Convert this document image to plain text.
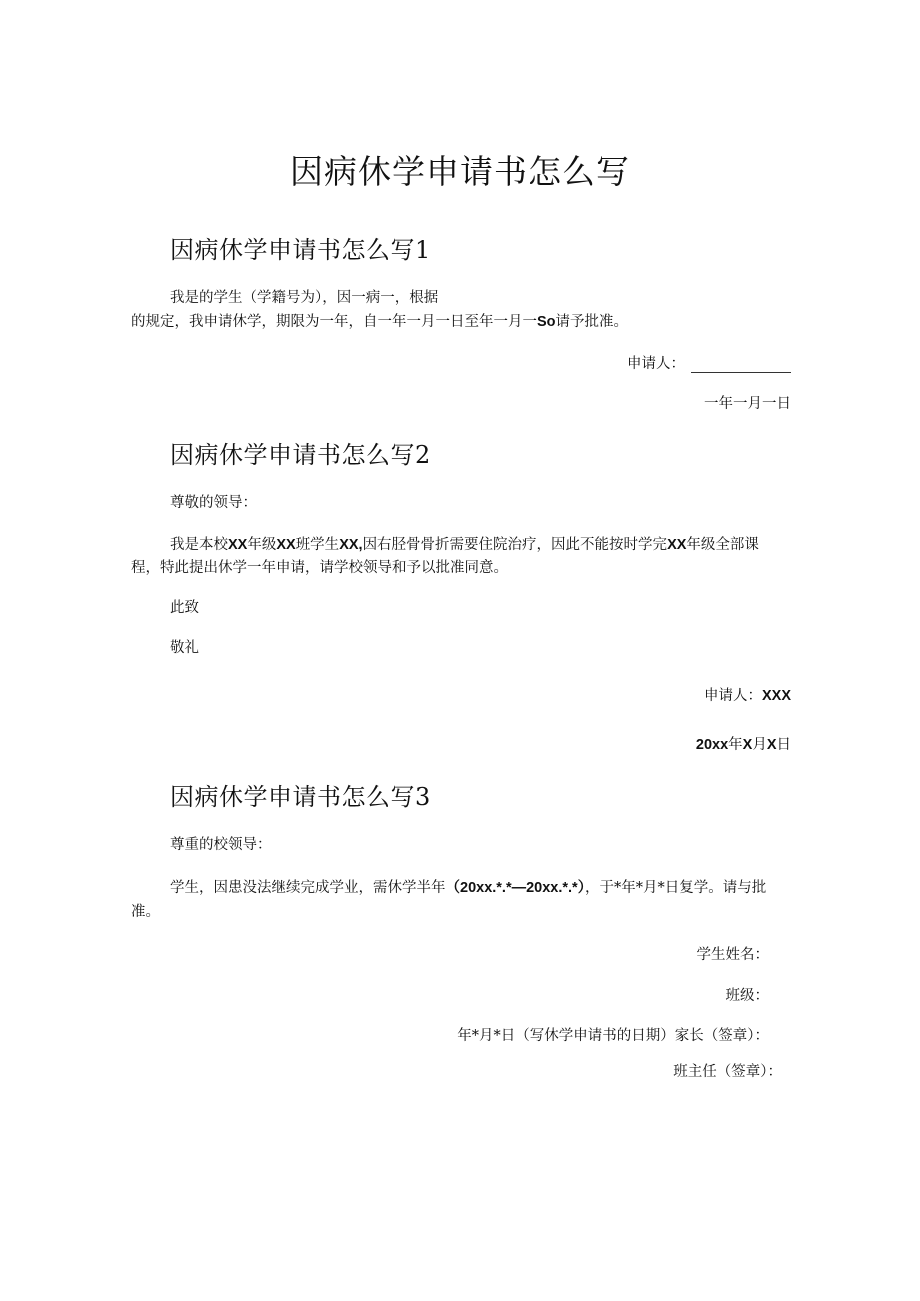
因病休学申请书怎么写
因病休学申请书怎么写1
我是的学生（学籍号为），因一病一，根据
的规定，我申请休学，期限为一年，自一年一月一日至年一月一So请予批准。
申请人：
一年一月一日
因病休学申请书怎么写2
尊敬的领导：
我是本校XX年级XX班学生XX,因右胫骨骨折需要住院治疗，因此不能按时学完XX年级全部课
程，特此提出休学一年申请，请学校领导和予以批准同意。
此致
敬礼
申请人：XXX
20xx年X月X日
因病休学申请书怎么写3
尊重的校领导：
学生，因患没法继续完成学业，需休学半年（20xx.*.*—20xx.*.*），于*年*月*日复学。请与批
准。
学生姓名：
班级：
年*月*日（写休学申请书的日期）家长（签章）：
班主任（签章）：
